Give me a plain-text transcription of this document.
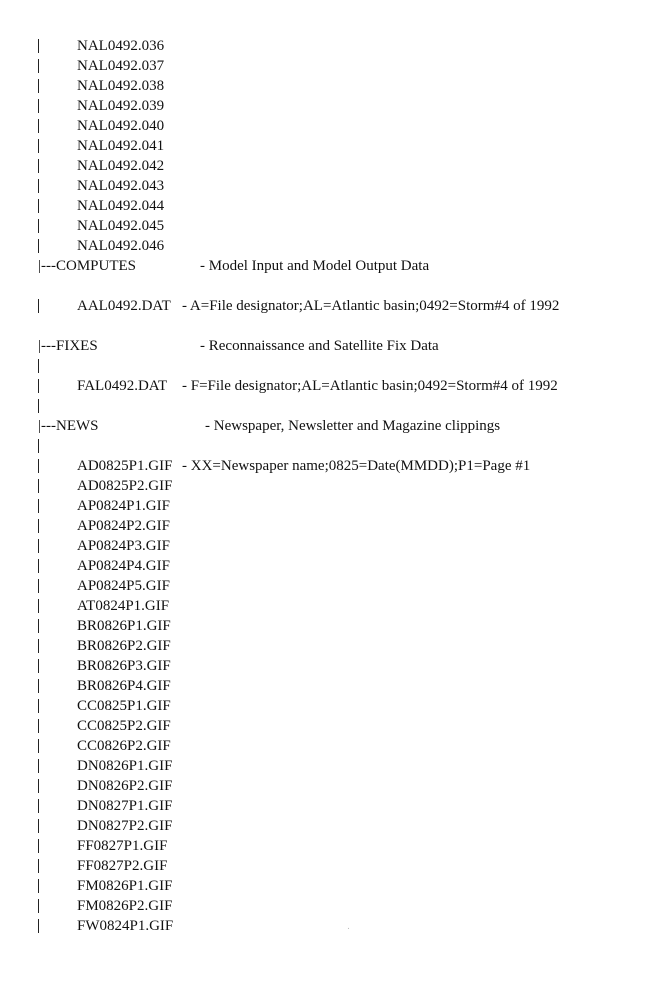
NAL0492.036
NAL0492.037
NAL0492.038
NAL0492.039
NAL0492.040
NAL0492.041
NAL0492.042
NAL0492.043
NAL0492.044
NAL0492.045
NAL0492.046
|---COMPUTES	- Model Input and Model Output Data
AAL0492.DAT - A=File designator;AL=Atlantic basin;0492=Storm#4 of 1992
|---FIXES	- Reconnaissance and Satellite Fix Data
FAL0492.DAT - F=File designator;AL=Atlantic basin;0492=Storm#4 of 1992
|---NEWS	- Newspaper, Newsletter and Magazine clippings
AD0825P1.GIF - XX=Newspaper name;0825=Date(MMDD);P1=Page #1
AD0825P2.GIF
AP0824P1.GIF
AP0824P2.GIF
AP0824P3.GIF
AP0824P4.GIF
AP0824P5.GIF
AT0824P1.GIF
BR0826P1.GIF
BR0826P2.GIF
BR0826P3.GIF
BR0826P4.GIF
CC0825P1.GIF
CC0825P2.GIF
CC0826P2.GIF
DN0826P1.GIF
DN0826P2.GIF
DN0827P1.GIF
DN0827P2.GIF
FF0827P1.GIF
FF0827P2.GIF
FM0826P1.GIF
FM0826P2.GIF
FW0824P1.GIF	․
